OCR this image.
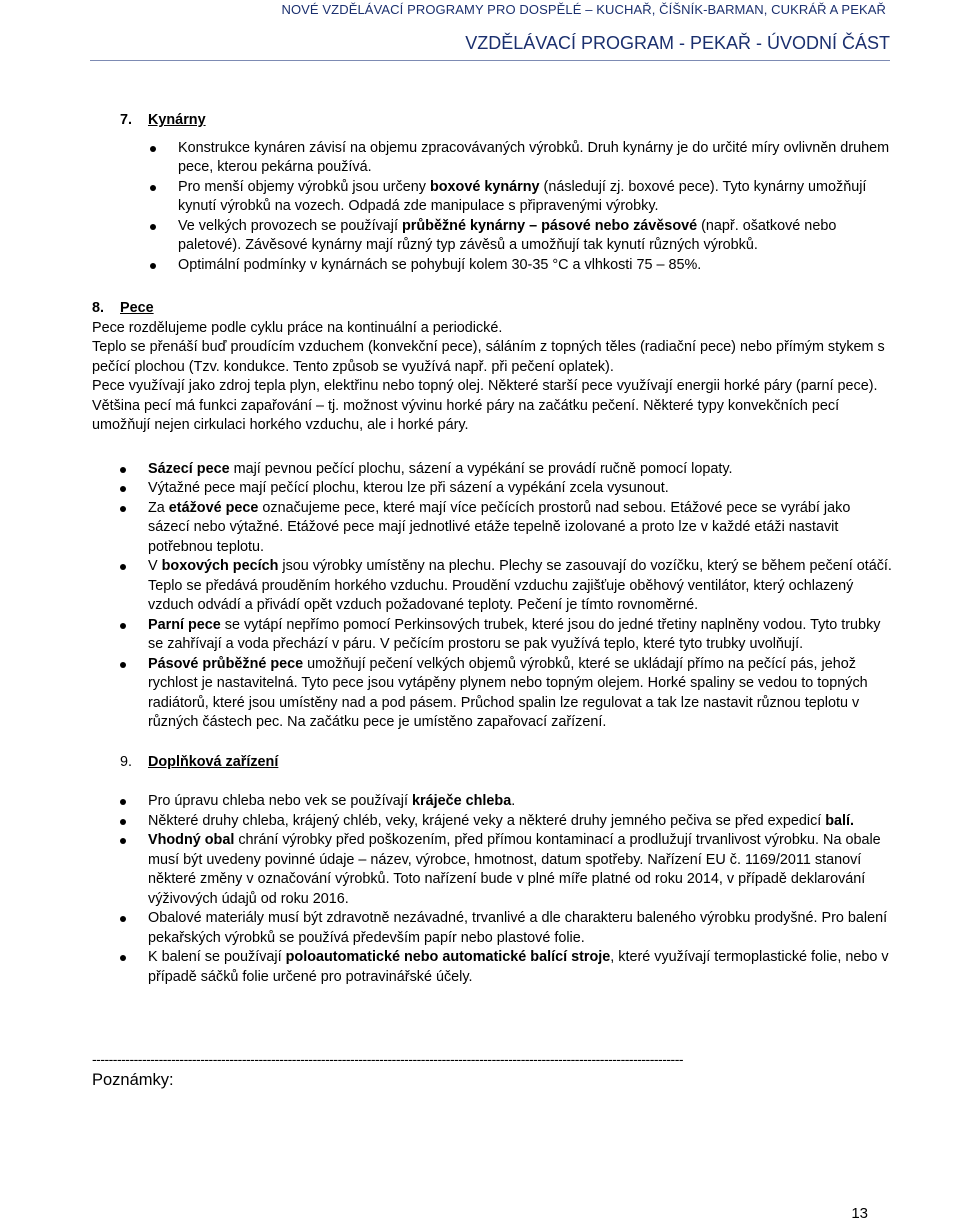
NOVÉ VZDĚLÁVACÍ PROGRAMY PRO DOSPĚLÉ – KUCHAŘ, ČÍŠNÍK-BARMAN, CUKRÁŘ A PEKAŘ
VZDĚLÁVACÍ PROGRAM - PEKAŘ - ÚVODNÍ ČÁST

7. Kynárny

Konstrukce kynáren závisí na objemu zpracovávaných výrobků. Druh kynárny je do určité míry ovlivněn druhem pece, kterou pekárna používá.
Pro menší objemy výrobků jsou určeny boxové kynárny (následují zj. boxové pece). Tyto kynárny umožňují kynutí výrobků na vozech. Odpadá zde manipulace s připravenými výrobky.
Ve velkých provozech se používají průběžné kynárny – pásové nebo závěsové (např. ošatkové nebo paletové). Závěsové kynárny mají různý typ závěsů a umožňují tak kynutí různých výrobků.
Optimální podmínky v kynárnách se pohybují kolem 30-35 °C a vlhkosti 75 – 85%.

8. Pece

Pece rozdělujeme podle cyklu práce na kontinuální a periodické.

Teplo se přenáší buď proudícím vzduchem (konvekční pece), sáláním z topných těles (radiační pece) nebo přímým stykem s pečící plochou (Tzv. kondukce. Tento způsob se využívá např. při pečení oplatek).

Pece využívají jako zdroj tepla plyn, elektřinu nebo topný olej. Některé starší pece využívají energii horké páry (parní pece).

Většina pecí má funkci zapařování – tj. možnost vývinu horké páry na začátku pečení. Některé typy konvekčních pecí umožňují nejen cirkulaci horkého vzduchu, ale i horké páry.

Sázecí pece mají pevnou pečící plochu, sázení a vypékání se provádí ručně pomocí lopaty.
Výtažné pece mají pečící plochu, kterou lze při sázení a vypékání zcela vysunout.
Za etážové pece označujeme pece, které mají více pečících prostorů nad sebou. Etážové pece se vyrábí jako sázecí nebo výtažné. Etážové pece mají jednotlivé etáže tepelně izolované a proto lze v každé etáži nastavit potřebnou teplotu.
V boxových pecích jsou výrobky umístěny na plechu. Plechy se zasouvají do vozíčku, který se během pečení otáčí. Teplo se předává prouděním horkého vzduchu. Proudění vzduchu zajišťuje oběhový ventilátor, který ochlazený vzduch odvádí a přivádí opět vzduch požadované teploty. Pečení je tímto rovnoměrné.
Parní pece se vytápí nepřímo pomocí Perkinsových trubek, které jsou do jedné třetiny naplněny vodou. Tyto trubky se zahřívají a voda přechází v páru. V pečícím prostoru se pak využívá teplo, které tyto trubky uvolňují.
Pásové průběžné pece umožňují pečení velkých objemů výrobků, které se ukládají přímo na pečící pás, jehož rychlost je nastavitelná. Tyto pece jsou vytápěny plynem nebo topným olejem. Horké spaliny se vedou to topných radiátorů, které jsou umístěny nad a pod pásem. Průchod spalin lze regulovat a tak lze nastavit různou teplotu v různých částech pec. Na začátku pece je umístěno zapařovací zařízení.

9. Doplňková zařízení

Pro úpravu chleba nebo vek se používají kráječe chleba.
Některé druhy chleba, krájený chléb, veky, krájené veky a některé druhy jemného pečiva se před expedicí balí.
Vhodný obal chrání výrobky před poškozením, před přímou kontaminací a prodlužují trvanlivost výrobku. Na obale musí být uvedeny povinné údaje – název, výrobce, hmotnost, datum spotřeby. Nařízení EU č. 1169/2011 stanoví některé změny v označování výrobků. Toto nařízení bude v plné míře platné od roku 2014, v případě deklarování výživových údajů od roku 2016.
Obalové materiály musí být zdravotně nezávadné, trvanlivé a dle charakteru baleného výrobku prodyšné. Pro balení pekařských výrobků se používá především papír nebo plastové folie.
K balení se používají poloautomatické nebo automatické balící stroje, které využívají termoplastické folie, nebo v případě sáčků folie určené pro potravinářské účely.
----------------------------------------------------------------------------------------------------------------------------------------------
Poznámky:
13
